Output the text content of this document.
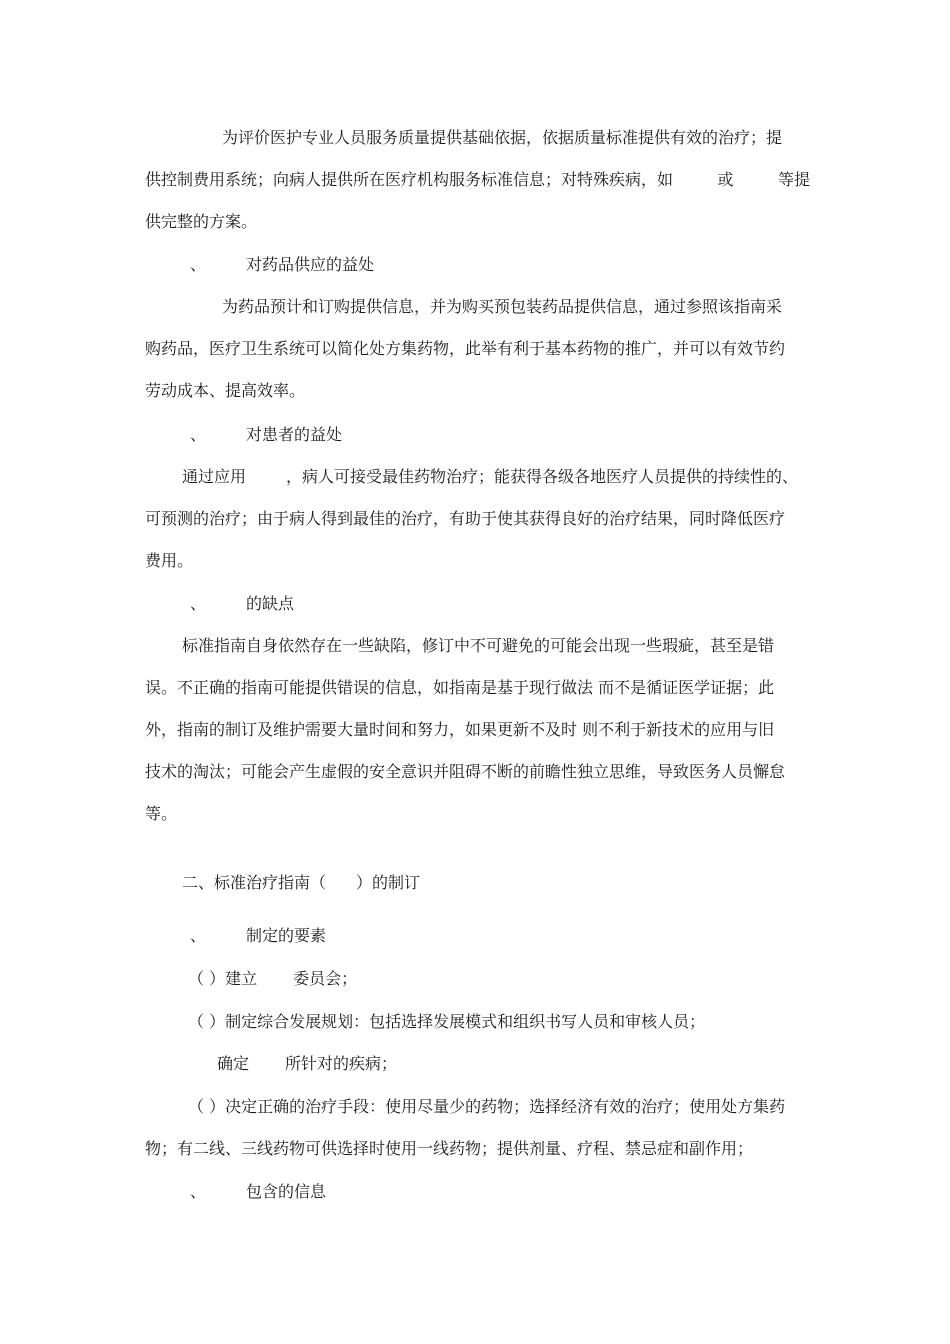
为评价医护专业人员服务质量提供基础依据，依据质量标准提供有效的治疗；提
供控制费用系统；向病人提供所在医疗机构服务标准信息；对特殊疾病，如	或	等提
供完整的方案。
、	对药品供应的益处
为药品预计和订购提供信息，并为购买预包装药品提供信息，通过参照该指南采
购药品，医疗卫生系统可以简化处方集药物，此举有利于基本药物的推广，并可以有效节约
劳动成本、提高效率。
、	对患者的益处
通过应用	，病人可接受最佳药物治疗；能获得各级各地医疗人员提供的持续性的、
可预测的治疗；由于病人得到最佳的治疗，有助于使其获得良好的治疗结果，同时降低医疗
费用。
、	的缺点
标准指南自身依然存在一些缺陷，修订中不可避免的可能会出现一些瑕疵，甚至是错
误。不正确的指南可能提供错误的信息，如指南是基于现行做法 而不是循证医学证据；此
外，指南的制订及维护需要大量时间和努力，如果更新不及时 则不利于新技术的应用与旧
技术的淘汰；可能会产生虚假的安全意识并阻碍不断的前瞻性独立思维，导致医务人员懈怠
等。
二、标准治疗指南（ ）的制订
、	制定的要素
（ ）建立 委员会；
（ ）制定综合发展规划：包括选择发展模式和组织书写人员和审核人员；
确定 所针对的疾病；
（ ）决定正确的治疗手段：使用尽量少的药物；选择经济有效的治疗；使用处方集药
物；有二线、三线药物可供选择时使用一线药物；提供剂量、疗程、禁忌症和副作用；
、	包含的信息
